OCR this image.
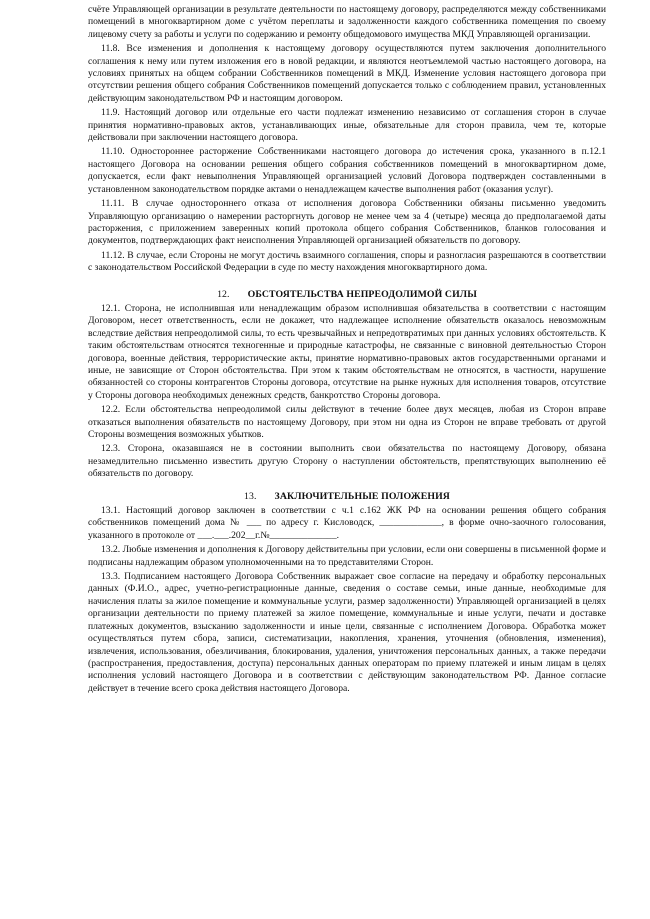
счёте Управляющей организации в результате деятельности по настоящему договору, распределяются между собственниками помещений в многоквартирном доме с учётом переплаты и задолженности каждого собственника помещения по своему лицевому счету за работы и услуги по содержанию и ремонту общедомового имущества МКД Управляющей организации.

11.8. Все изменения и дополнения к настоящему договору осуществляются путем заключения дополнительного соглашения к нему или путем изложения его в новой редакции, и являются неотъемлемой частью настоящего договора, на условиях принятых на общем собрании Собственников помещений в МКД. Изменение условия настоящего договора при отсутствии решения общего собрания Собственников помещений допускается только с соблюдением правил, установленных действующим законодательством РФ и настоящим договором.

11.9. Настоящий договор или отдельные его части подлежат изменению независимо от соглашения сторон в случае принятия нормативно-правовых актов, устанавливающих иные, обязательные для сторон правила, чем те, которые действовали при заключении настоящего договора.

11.10. Одностороннее расторжение Собственниками настоящего договора до истечения срока, указанного в п.12.1 настоящего Договора на основании решения общего собрания собственников помещений в многоквартирном доме, допускается, если факт невыполнения Управляющей организацией условий Договора подтвержден составленными в установленном законодательством порядке актами о ненадлежащем качестве выполнения работ (оказания услуг).

11.11. В случае одностороннего отказа от исполнения договора Собственники обязаны письменно уведомить Управляющую организацию о намерении расторгнуть договор не менее чем за 4 (четыре) месяца до предполагаемой даты расторжения, с приложением заверенных копий протокола общего собрания Собственников, бланков голосования и документов, подтверждающих факт неисполнения Управляющей организацией обязательств по договору.

11.12. В случае, если Стороны не могут достичь взаимного соглашения, споры и разногласия разрешаются в соответствии с законодательством Российской Федерации в суде по месту нахождения многоквартирного дома.

12. ОБСТОЯТЕЛЬСТВА НЕПРЕОДОЛИМОЙ СИЛЫ

12.1. Сторона, не исполнившая или ненадлежащим образом исполнившая обязательства в соответствии с настоящим Договором, несет ответственность, если не докажет, что надлежащее исполнение обязательств оказалось невозможным вследствие действия непреодолимой силы, то есть чрезвычайных и непредотвратимых при данных условиях обстоятельств. К таким обстоятельствам относятся техногенные и природные катастрофы, не связанные с виновной деятельностью Сторон договора, военные действия, террористические акты, принятие нормативно-правовых актов государственными органами и иные, не зависящие от Сторон обстоятельства. При этом к таким обстоятельствам не относятся, в частности, нарушение обязанностей со стороны контрагентов Стороны договора, отсутствие на рынке нужных для исполнения товаров, отсутствие у Стороны договора необходимых денежных средств, банкротство Стороны договора.

12.2. Если обстоятельства непреодолимой силы действуют в течение более двух месяцев, любая из Сторон вправе отказаться выполнения обязательств по настоящему Договору, при этом ни одна из Сторон не вправе требовать от другой Стороны возмещения возможных убытков.

12.3. Сторона, оказавшаяся не в состоянии выполнить свои обязательства по настоящему Договору, обязана незамедлительно письменно известить другую Сторону о наступлении обстоятельств, препятствующих выполнению её обязательств по договору.

13. ЗАКЛЮЧИТЕЛЬНЫЕ ПОЛОЖЕНИЯ

13.1. Настоящий договор заключен в соответствии с ч.1 с.162 ЖК РФ на основании решения общего собрания собственников помещений дома № ___ по адресу г. Кисловодск, _____________, в форме очно-заочного голосования, указанного в протоколе от ___.___.202__г.№______________.

13.2. Любые изменения и дополнения к Договору действительны при условии, если они совершены в письменной форме и подписаны надлежащим образом уполномоченными на то представителями Сторон.

13.3. Подписанием настоящего Договора Собственник выражает свое согласие на передачу и обработку персональных данных (Ф.И.О., адрес, учетно-регистрационные данные, сведения о составе семьи, иные данные, необходимые для начисления платы за жилое помещение и коммунальные услуги, размер задолженности) Управляющей организацией в целях организации деятельности по приему платежей за жилое помещение, коммунальные и иные услуги, печати и доставке платежных документов, взысканию задолженности и иные цели, связанные с исполнением Договора. Обработка может осуществляться путем сбора, записи, систематизации, накопления, хранения, уточнения (обновления, изменения), извлечения, использования, обезличивания, блокирования, удаления, уничтожения персональных данных, а также передачи (распространения, предоставления, доступа) персональных данных операторам по приему платежей и иным лицам в целях исполнения условий настоящего Договора и в соответствии с действующим законодательством РФ. Данное согласие действует в течение всего срока действия настоящего Договора.
